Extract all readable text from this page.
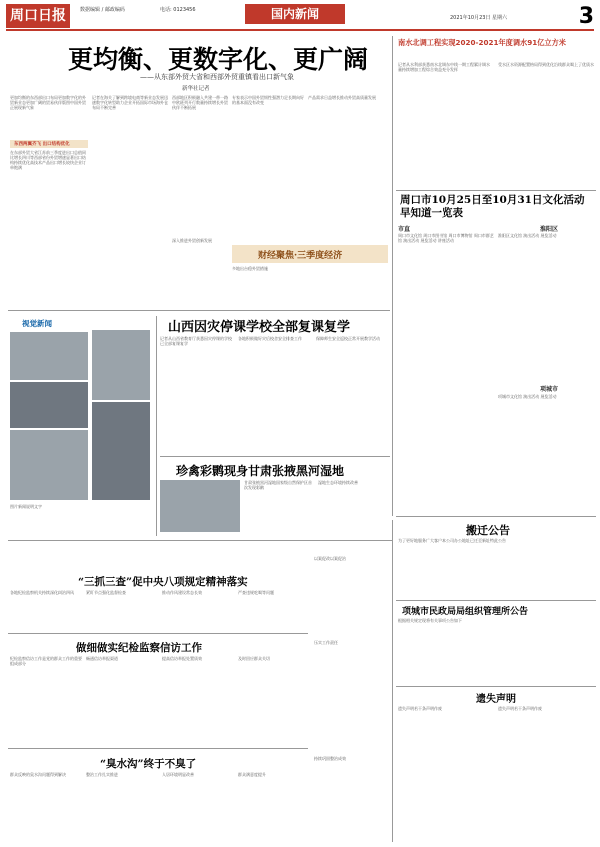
周口日报	数据编辑 / 邮政编码	电话: 0123456	国内新闻	2021年10月23日 星期六	3
更均衡、更数字化、更广阔
——从东部外贸大省和西部外贸重镇看出口新气象
新华社记者
更加均衡的东西部出口布局更加数字化的外贸新业态更加广阔的贸易伙伴版图中国外贸正展现新气象
东西两翼齐飞 出口结构优化
在东部外贸大省江苏前三季度进出口总值同比增长四川等西部省份外贸增速显著出口结构持续优化高技术产品出口增长较快企业订单饱满
记者在海关了解到跨境电商等新业态发展迅速数字化转型助力企业开拓国际市场海外仓布局不断完善
西部地区积极融入共建一带一路中欧班列开行数量持续增长外贸伙伴不断拓展
专家表示中国外贸韧性强潜力足长期向好的基本面没有改变
产品需求日益增长推动外贸高质量发展
财经聚焦·三季度经济
深入推进外贸创新发展
多地出台稳外贸措施
南水北调工程实现2020-2021年度调水91亿立方米
记者从水利部获悉南水北调东中线一期工程累计调水量持续增加工程综合效益充分发挥
受水区水资源配置格局得到优化沿线群众喝上了优质水
周口市10月25日至10月31日文化活动早知道一览表
市直
周口市文化馆 周口市图书馆 周口市博物馆 周口市群艺馆 演出活动 展览活动 讲座活动
淮阳区
淮阳区文化馆 演出活动 展览活动
项城市
项城市文化馆 演出活动 展览活动
视觉新闻
图片新闻说明文字
山西因灾停课学校全部复课复学
记者从山西省教育厅获悉因灾停课的学校已全部复课复学
各地积极做好灾后校舍安全排查工作	保障师生安全返校正常开展教学活动
珍禽彩鹮现身甘肃张掖黑河湿地
甘肃张掖黑河湿地国家级自然保护区首次发现彩鹮
湿地生态环境持续改善
“三抓三查”促中央八项规定精神落实
各地纪检监察机关持续深化纠治四风	紧盯节点强化监督检查	推动作风建设常态长效	严查违规吃喝等问题
以案促改以案促治
做细做实纪检监察信访工作
纪检监察信访工作是党的群众工作的重要组成部分
畅通信访举报渠道	提高信访举报处置质效	及时回应群众关切
压实工作责任
“臭水沟”终于不臭了
群众反映的臭水沟问题得到解决	整治工作扎实推进	人居环境明显改善	群众满意度提升
持续巩固整治成效
搬迁公告
为了更好地服务广大客户本公司办公地址已迁至新址特此公告
项城市民政局局组织管理所公告
根据相关规定现将有关事项公告如下
遗失声明
遗失声明若干条声明作废	遗失声明若干条声明作废
